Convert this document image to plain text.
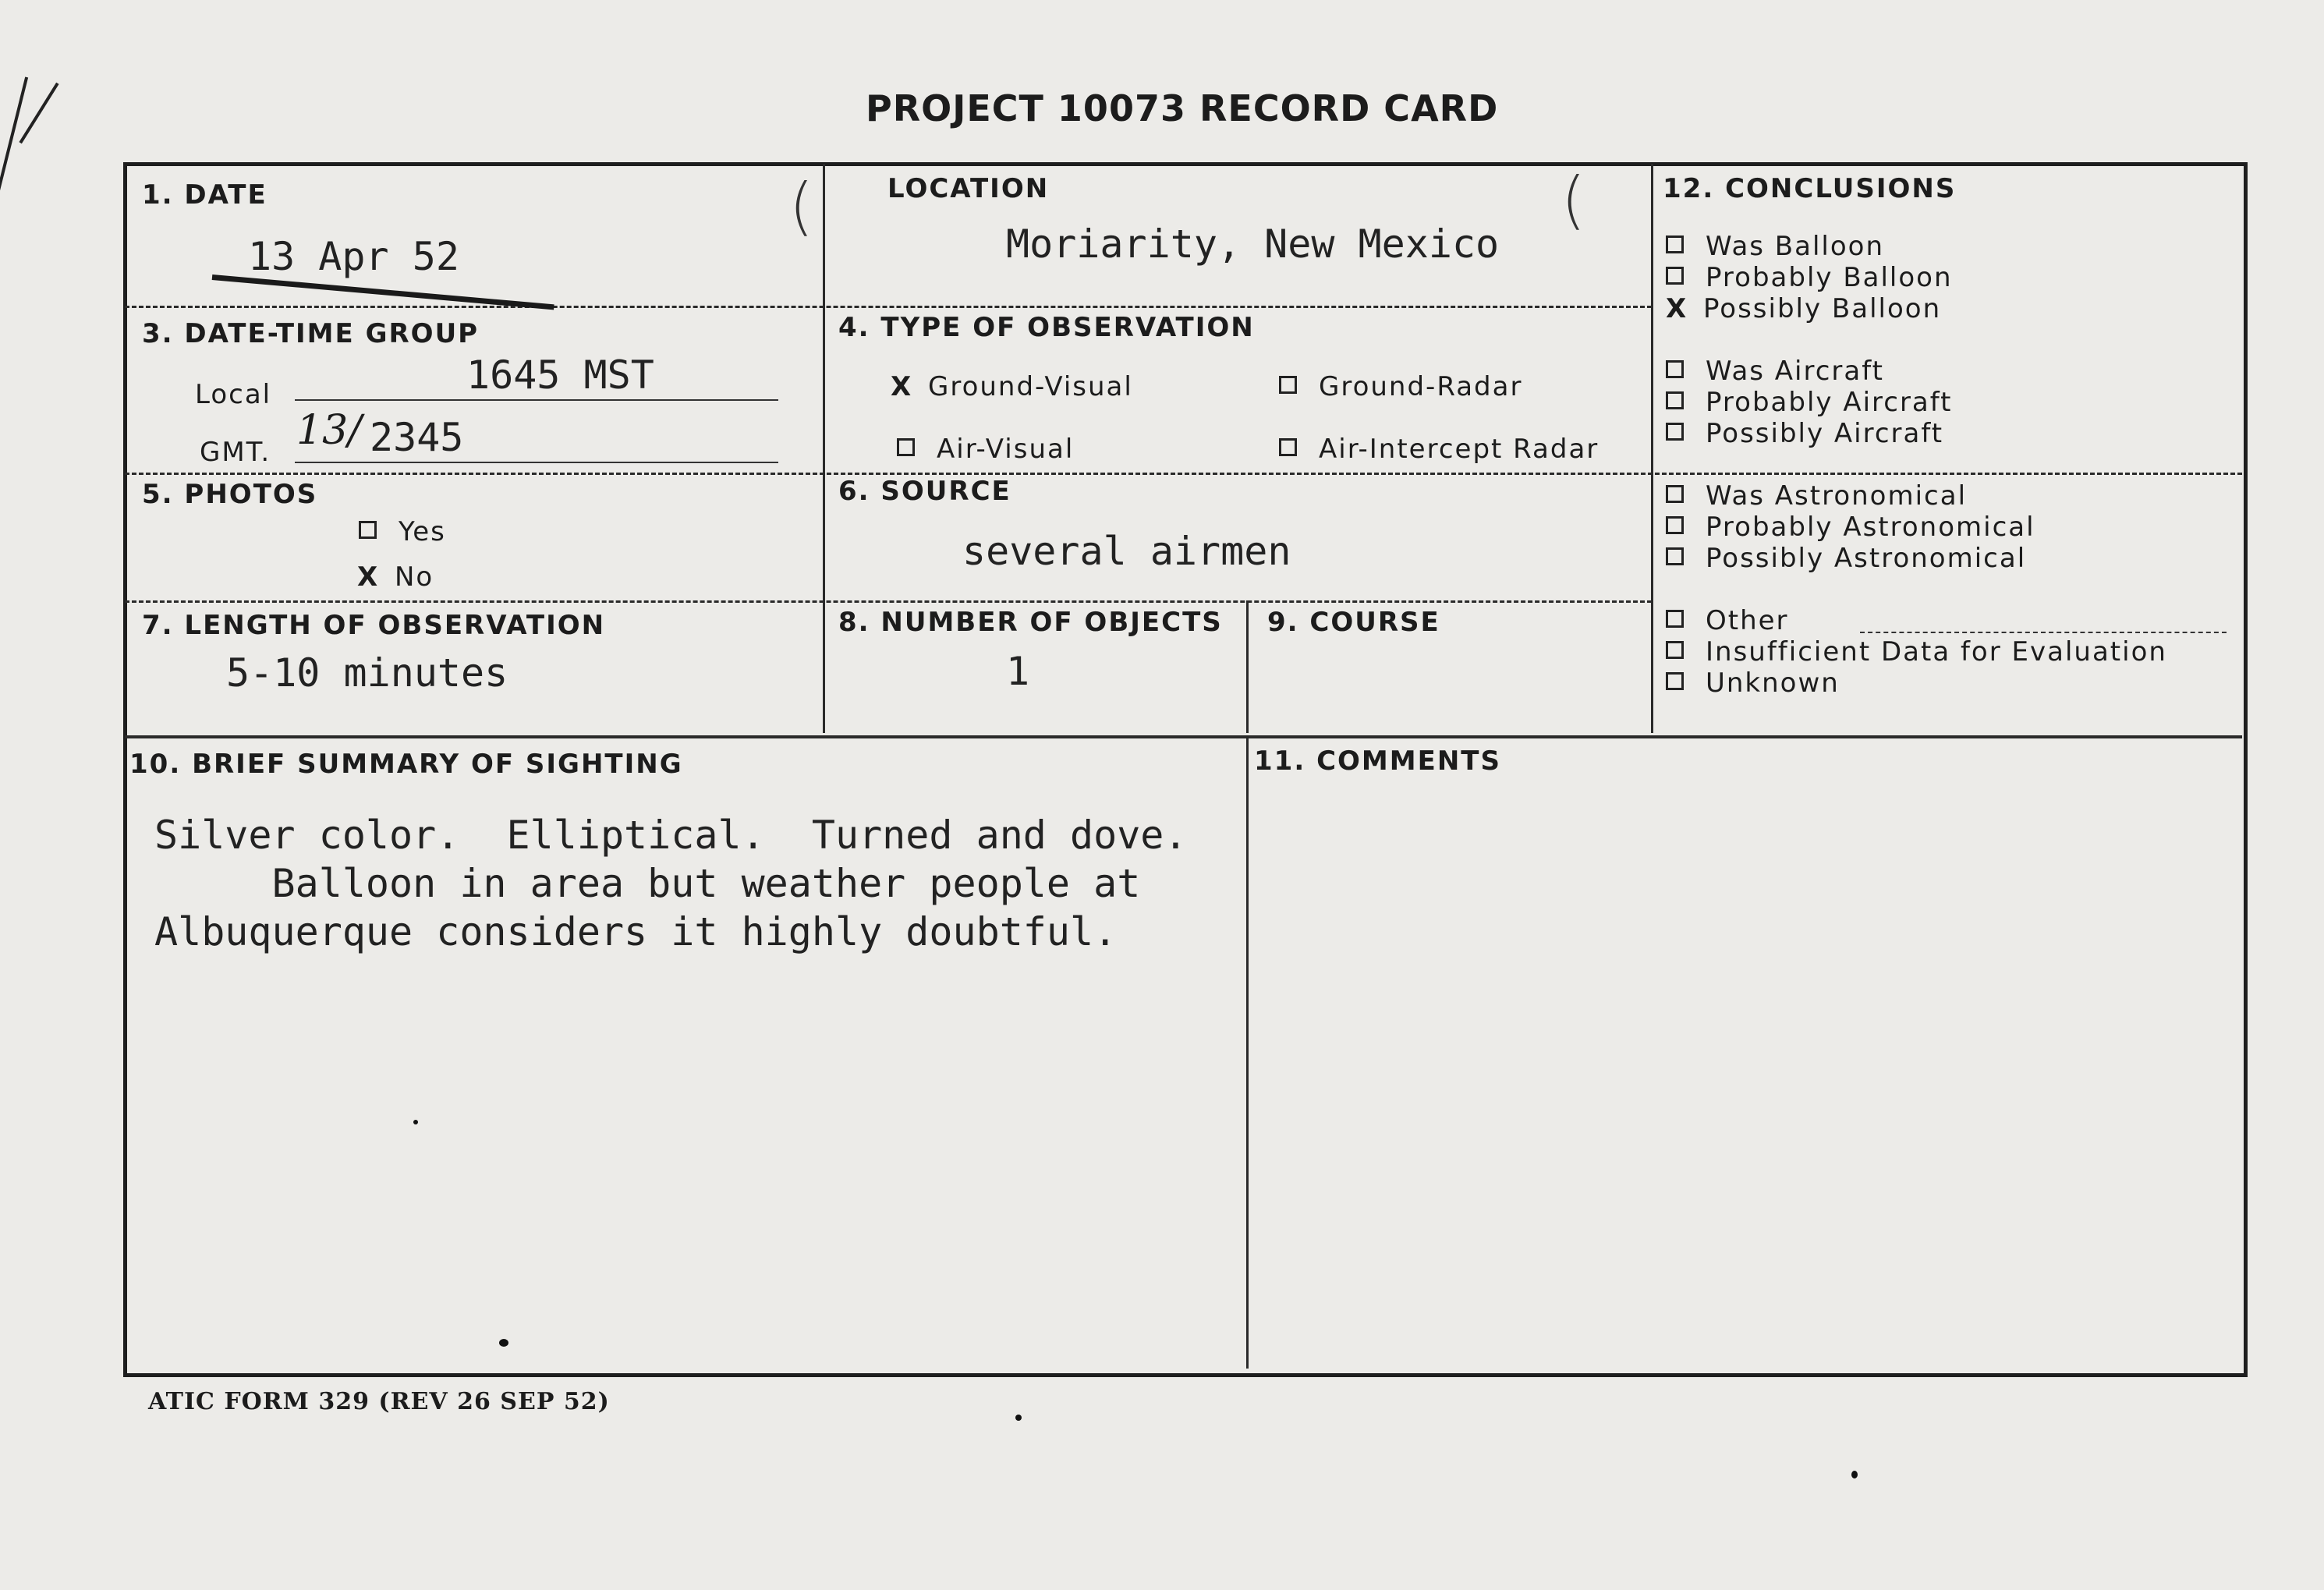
PROJECT 10073 RECORD CARD
1. DATE
13 Apr 52
LOCATION
Moriarity, New Mexico
(	(
3. DATE-TIME GROUP
Local	1645 MST
GMT. 13/ 2345
4. TYPE OF OBSERVATION
X Ground-Visual	Ground-Radar
Air-Visual	Air-Intercept Radar
5. PHOTOS
Yes
X No
6. SOURCE
several airmen
7. LENGTH OF OBSERVATION
5-10 minutes
8. NUMBER OF OBJECTS
1
9. COURSE
10. BRIEF SUMMARY OF SIGHTING
Silver color.  Elliptical.  Turned and dove.
Balloon in area but weather people at
Albuquerque considers it highly doubtful.
11. COMMENTS
12. CONCLUSIONS
Was Balloon
Probably Balloon
X Possibly Balloon
Was Aircraft
Probably Aircraft
Possibly Aircraft
Was Astronomical
Probably Astronomical
Possibly Astronomical
Other
Insufficient Data for Evaluation
Unknown
ATIC FORM 329 (REV 26 SEP 52)
